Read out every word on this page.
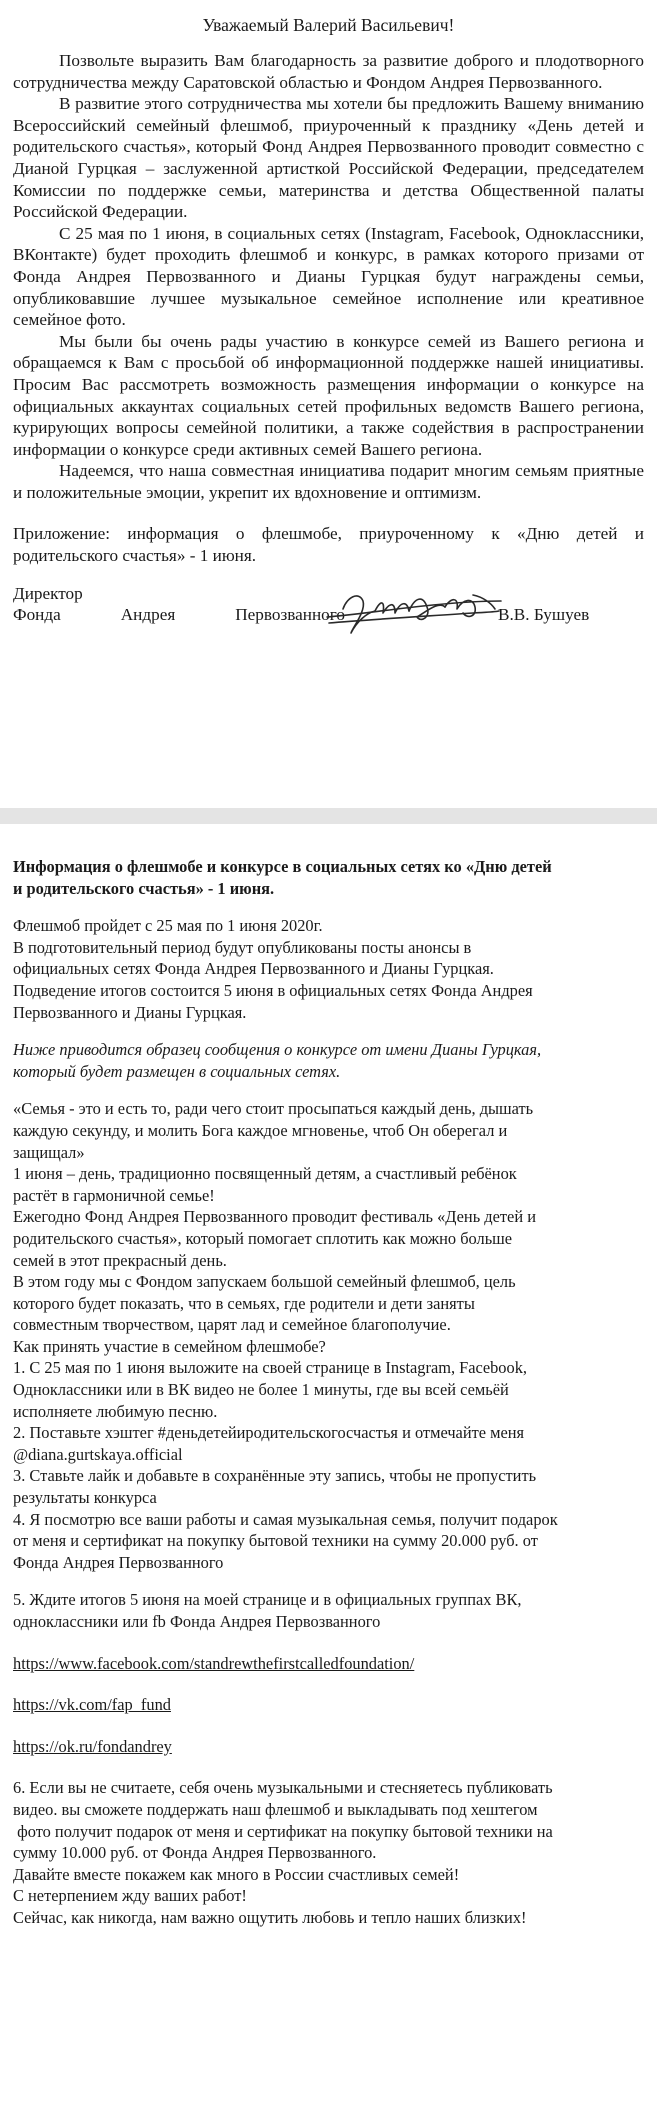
Уважаемый Валерий Васильевич!

Позвольте выразить Вам благодарность за развитие доброго и плодотворного сотрудничества между Саратовской областью и Фондом Андрея Первозванного.

В развитие этого сотрудничества мы хотели бы предложить Вашему вниманию Всероссийский семейный флешмоб, приуроченный к празднику «День детей и родительского счастья», который Фонд Андрея Первозванного проводит совместно с Дианой Гурцкая – заслуженной артисткой Российской Федерации, председателем Комиссии по поддержке семьи, материнства и детства Общественной палаты Российской Федерации.

С 25 мая по 1 июня, в социальных сетях (Instagram, Facebook, Одноклассники, ВКонтакте) будет проходить флешмоб и конкурс, в рамках которого призами от Фонда Андрея Первозванного и Дианы Гурцкая будут награждены семьи, опубликовавшие лучшее музыкальное семейное исполнение или креативное семейное фото.

Мы были бы очень рады участию в конкурсе семей из Вашего региона и обращаемся к Вам с просьбой об информационной поддержке нашей инициативы. Просим Вас рассмотреть возможность размещения информации о конкурсе на официальных аккаунтах социальных сетей профильных ведомств Вашего региона, курирующих вопросы семейной политики, а также содействия в распространении информации о конкурсе среди активных семей Вашего региона.

Надеемся, что наша совместная инициатива подарит многим семьям приятные и положительные эмоции, укрепит их вдохновение и оптимизм.

Приложение: информация о флешмобе, приуроченному к «Дню детей и родительского счастья» - 1 июня.

Директор
Фонда	Андрея	Первозванного	В.В. Бушуев
Информация о флешмобе и конкурсе в социальных сетях ко «Дню детей
и родительского счастья» - 1 июня.
Флешмоб пройдет с 25 мая по 1 июня 2020г.
В подготовительный период будут опубликованы посты анонсы в
официальных сетях Фонда Андрея Первозванного и Дианы Гурцкая.
Подведение итогов состоится 5 июня в официальных сетях Фонда Андрея
Первозванного и Дианы Гурцкая.
Ниже приводится образец сообщения о конкурсе от имени Дианы Гурцкая,
который будет размещен в социальных сетях.
«Семья - это и есть то, ради чего стоит просыпаться каждый день, дышать
каждую секунду, и молить Бога каждое мгновенье, чтоб Он оберегал и
защищал»
1 июня – день, традиционно посвященный детям, а счастливый ребёнок
растёт в гармоничной семье!
Ежегодно Фонд Андрея Первозванного проводит фестиваль «День детей и
родительского счастья», который помогает сплотить как можно больше
семей в этот прекрасный день.
В этом году мы с Фондом запускаем большой семейный флешмоб, цель
которого будет показать, что в семьях, где родители и дети заняты
совместным творчеством, царят лад и семейное благополучие.
Как принять участие в семейном флешмобе?
1. С 25 мая по 1 июня выложите на своей странице в Instagram, Facebook,
Одноклассники или в ВК видео не более 1 минуты, где вы всей семьёй
исполняете любимую песню.
2. Поставьте хэштег #деньдетейиродительскогосчастья и отмечайте меня
@diana.gurtskaya.official
3. Ставьте лайк и добавьте в сохранённые эту запись, чтобы не пропустить
результаты конкурса
4. Я посмотрю все ваши работы и самая музыкальная семья, получит подарок
от меня и сертификат на покупку бытовой техники на сумму 20.000 руб. от
Фонда Андрея Первозванного
5. Ждите итогов 5 июня на моей странице и в официальных группах ВК,
одноклассники или fb Фонда Андрея Первозванного
https://www.facebook.com/standrewthefirstcalledfoundation/
https://vk.com/fap_fund
https://ok.ru/fondandrey
6. Если вы не считаете, себя очень музыкальными и стесняетесь публиковать
видео. вы сможете поддержать наш флешмоб и выкладывать под хештегом
фото получит подарок от меня и сертификат на покупку бытовой техники на
сумму 10.000 руб. от Фонда Андрея Первозванного.
Давайте вместе покажем как много в России счастливых семей!
С нетерпением жду ваших работ!
Сейчас, как никогда, нам важно ощутить любовь и тепло наших близких!
